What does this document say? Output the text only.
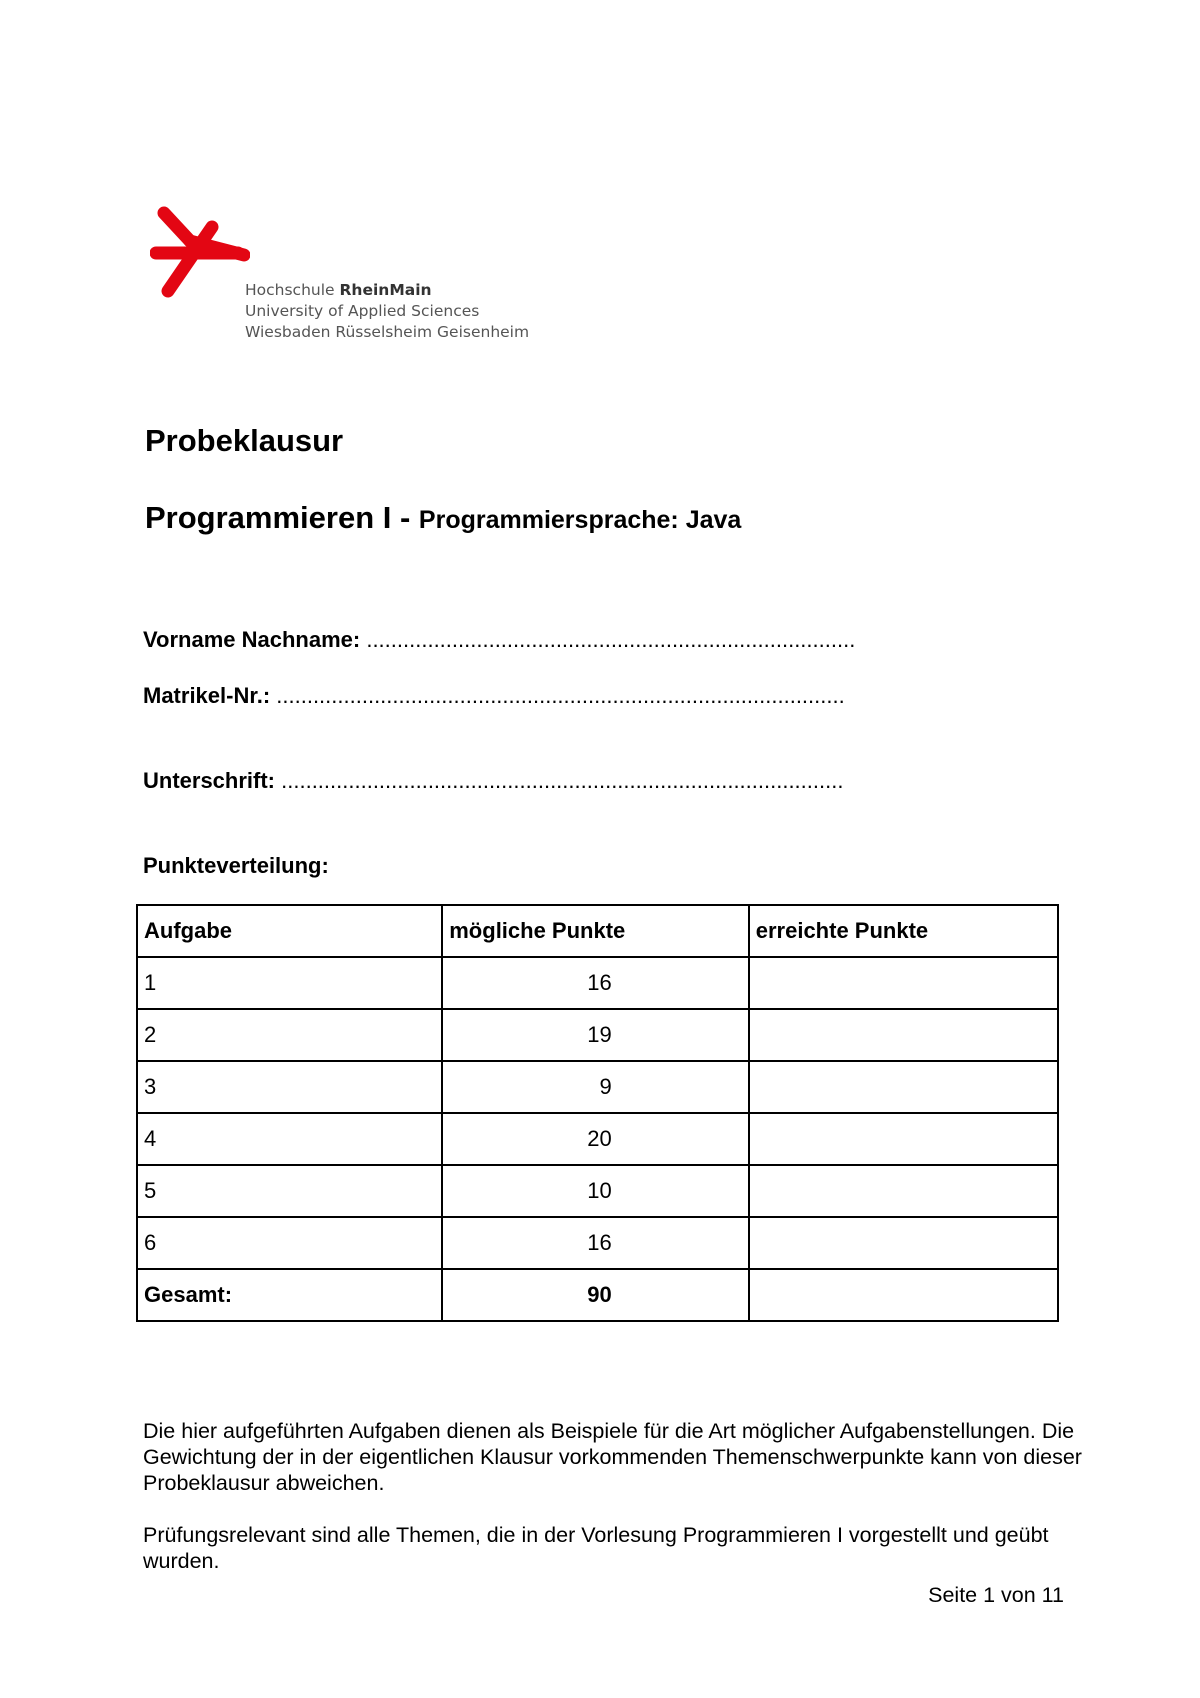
Hochschule RheinMain
University of Applied Sciences
Wiesbaden Rüsselsheim Geisenheim
Probeklausur
Programmieren I - Programmiersprache: Java
Vorname Nachname: ................................................................................
Matrikel-Nr.: .............................................................................................
Unterschrift: ............................................................................................
Punkteverteilung:
Aufgabe	mögliche Punkte	erreichte Punkte
1	16	
2	19	
3	9	
4	20	
5	10	
6	16	
Gesamt:	90	
Die hier aufgeführten Aufgaben dienen als Beispiele für die Art möglicher Aufgabenstellungen. Die Gewichtung der in der eigentlichen Klausur vorkommenden Themenschwerpunkte kann von dieser Probeklausur abweichen.
Prüfungsrelevant sind alle Themen, die in der Vorlesung Programmieren I vorgestellt und geübt wurden.
Seite 1 von 11
